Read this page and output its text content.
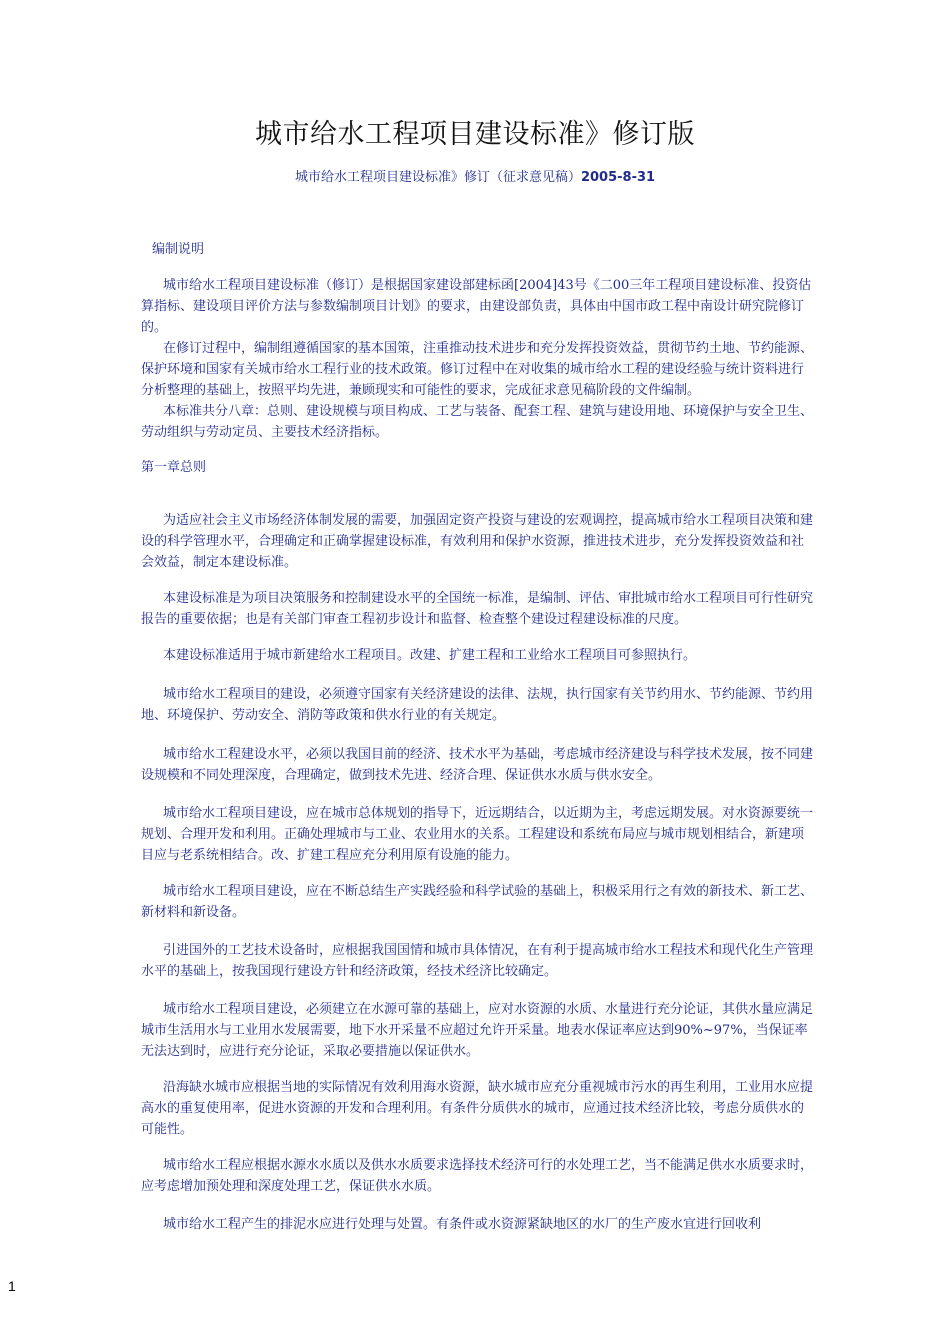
城市给水工程项目建设标准》修订版
城市给水工程项目建设标准》修订（征求意见稿）2005-8-31
编制说明

城市给水工程项目建设标准（修订）是根据国家建设部建标函[2004]43号《二00三年工程项目建设标准、投资估算指标、建设项目评价方法与参数编制项目计划》的要求，由建设部负责，具体由中国市政工程中南设计研究院修订的。

在修订过程中，编制组遵循国家的基本国策，注重推动技术进步和充分发挥投资效益，贯彻节约土地、节约能源、保护环境和国家有关城市给水工程行业的技术政策。修订过程中在对收集的城市给水工程的建设经验与统计资料进行分析整理的基础上，按照平均先进，兼顾现实和可能性的要求，完成征求意见稿阶段的文件编制。

本标准共分八章：总则、建设规模与项目构成、工艺与装备、配套工程、建筑与建设用地、环境保护与安全卫生、劳动组织与劳动定员、主要技术经济指标。

第一章总则
为适应社会主义市场经济体制发展的需要，加强固定资产投资与建设的宏观调控，提高城市给水工程项目决策和建设的科学管理水平，合理确定和正确掌握建设标准，有效利用和保护水资源，推进技术进步，充分发挥投资效益和社会效益，制定本建设标准。
本建设标准是为项目决策服务和控制建设水平的全国统一标准，是编制、评估、审批城市给水工程项目可行性研究报告的重要依据；也是有关部门审查工程初步设计和监督、检查整个建设过程建设标准的尺度。
本建设标准适用于城市新建给水工程项目。改建、扩建工程和工业给水工程项目可参照执行。
城市给水工程项目的建设，必须遵守国家有关经济建设的法律、法规，执行国家有关节约用水、节约能源、节约用地、环境保护、劳动安全、消防等政策和供水行业的有关规定。
城市给水工程建设水平，必须以我国目前的经济、技术水平为基础，考虑城市经济建设与科学技术发展，按不同建设规模和不同处理深度，合理确定，做到技术先进、经济合理、保证供水水质与供水安全。
城市给水工程项目建设，应在城市总体规划的指导下，近远期结合，以近期为主，考虑远期发展。对水资源要统一规划、合理开发和利用。正确处理城市与工业、农业用水的关系。工程建设和系统布局应与城市规划相结合，新建项目应与老系统相结合。改、扩建工程应充分利用原有设施的能力。
城市给水工程项目建设，应在不断总结生产实践经验和科学试验的基础上，积极采用行之有效的新技术、新工艺、新材料和新设备。
引进国外的工艺技术设备时，应根据我国国情和城市具体情况，在有利于提高城市给水工程技术和现代化生产管理水平的基础上，按我国现行建设方针和经济政策，经技术经济比较确定。
城市给水工程项目建设，必须建立在水源可靠的基础上，应对水资源的水质、水量进行充分论证，其供水量应满足城市生活用水与工业用水发展需要，地下水开采量不应超过允许开采量。地表水保证率应达到90%~97%，当保证率无法达到时，应进行充分论证，采取必要措施以保证供水。
沿海缺水城市应根据当地的实际情况有效利用海水资源，缺水城市应充分重视城市污水的再生利用，工业用水应提高水的重复使用率，促进水资源的开发和合理利用。有条件分质供水的城市，应通过技术经济比较，考虑分质供水的可能性。
城市给水工程应根据水源水水质以及供水水质要求选择技术经济可行的水处理工艺，当不能满足供水水质要求时，应考虑增加预处理和深度处理工艺，保证供水水质。
城市给水工程产生的排泥水应进行处理与处置。有条件或水资源紧缺地区的水厂的生产废水宜进行回收利
1
